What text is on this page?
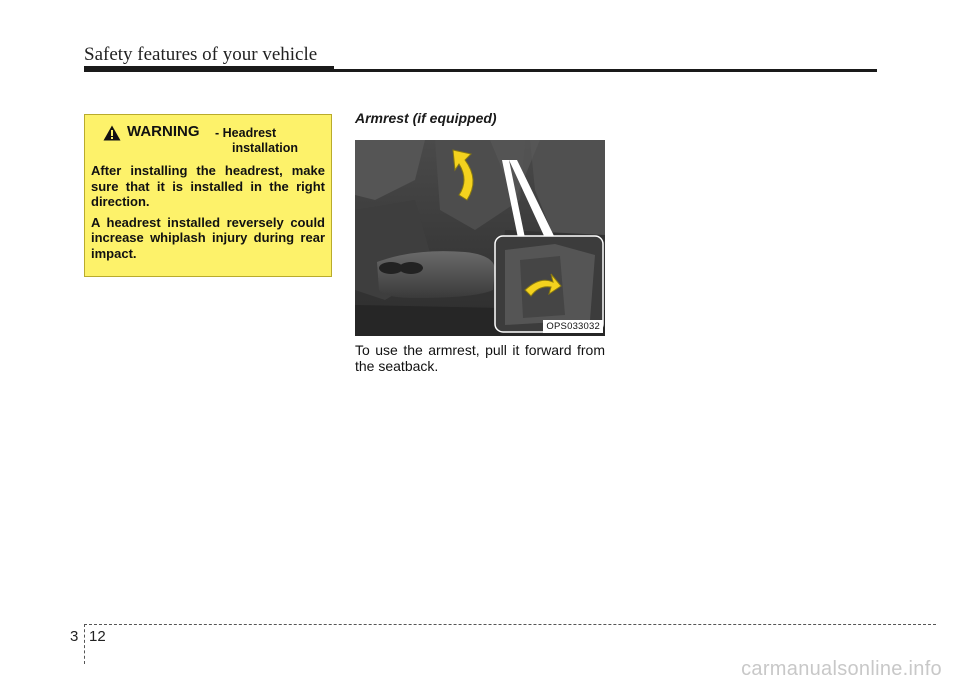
Safety features of your vehicle
WARNING - Headrest
installation

After installing the headrest, make sure that it is installed in the right direction.

A headrest installed reversely could increase whiplash injury during rear impact.

Armrest (if equipped)
OPS033032

To use the armrest, pull it forward from the seatback.

3 12
carmanualsonline.info
